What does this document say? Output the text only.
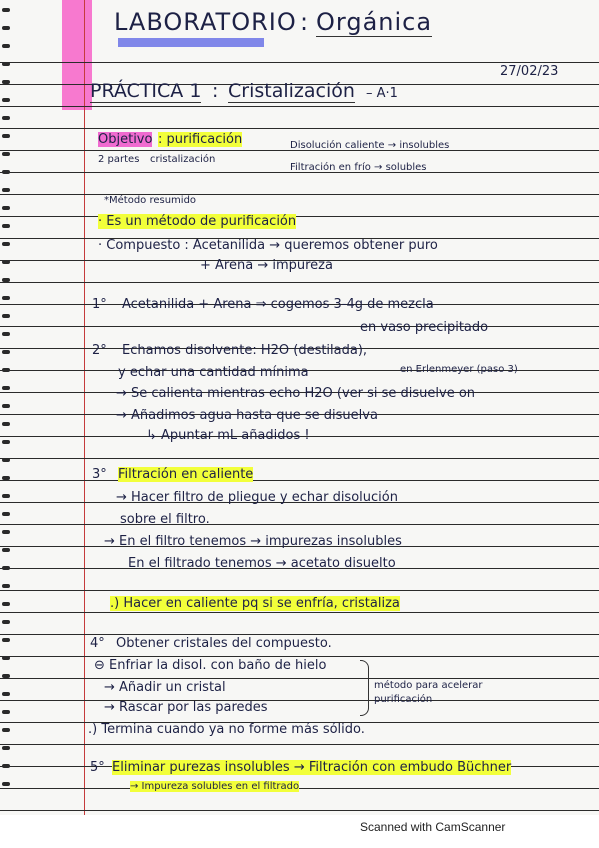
LABORATORIO : Orgánica
27/02/23
PRÁCTICA 1 : Cristalización – A·1
Objetivo : purificación
2 partes cristalización
Disolución caliente → insolubles
Filtración en frío → solubles
*Método resumido
· Es un método de purificación
· Compuesto : Acetanilida → queremos obtener puro
+ Arena → impureza
1° Acetanilida + Arena ⇒ cogemos 3-4g de mezcla
en vaso precipitado
2° Echamos disolvente: H2O (destilada),
y echar una cantidad mínima	en Erlenmeyer (paso 3)
→ Se calienta mientras echo H2O (ver si se disuelve on
→ Añadimos agua hasta que se disuelva
↳ Apuntar mL añadidos !
3° Filtración en caliente
→ Hacer filtro de pliegue y echar disolución
sobre el filtro.
→ En el filtro tenemos → impurezas insolubles
En el filtrado tenemos → acetato disuelto
.) Hacer en caliente pq si se enfría, cristaliza
4° Obtener cristales del compuesto.
⊖ Enfriar la disol. con baño de hielo
→ Añadir un cristal
→ Rascar por las paredes
método para acelerar
purificación
.) Termina cuando ya no forme más sólido.
5° Eliminar purezas insolubles → Filtración con embudo Büchner
→ Impureza solubles en el filtrado
Scanned with CamScanner
